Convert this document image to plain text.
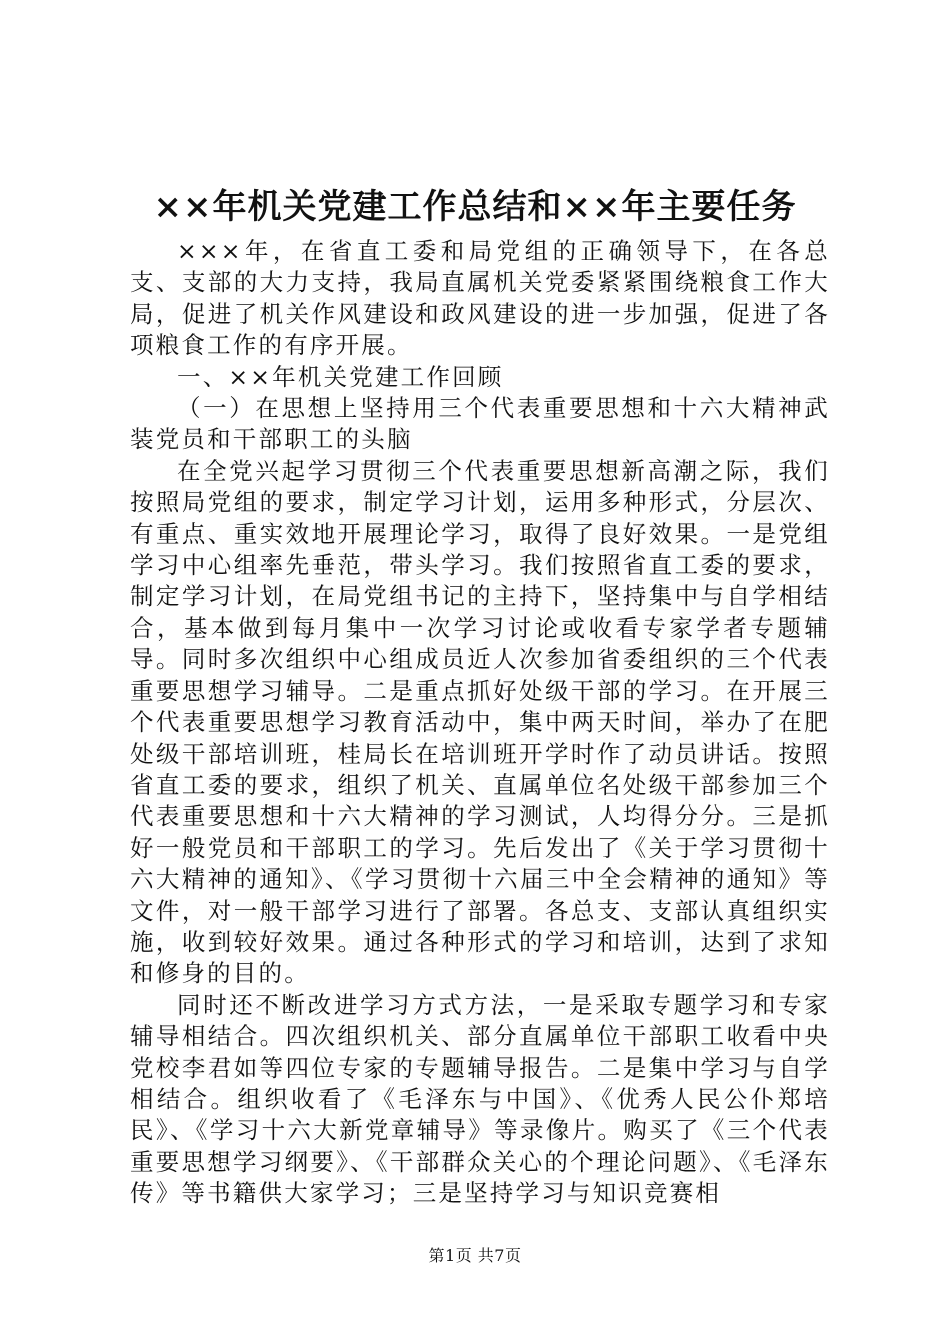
××年机关党建工作总结和××年主要任务

×××年，在省直工委和局党组的正确领导下，在各总支、支部的大力支持，我局直属机关党委紧紧围绕粮食工作大局，促进了机关作风建设和政风建设的进一步加强，促进了各项粮食工作的有序开展。

一、××年机关党建工作回顾

（一）在思想上坚持用三个代表重要思想和十六大精神武装党员和干部职工的头脑

在全党兴起学习贯彻三个代表重要思想新高潮之际，我们按照局党组的要求，制定学习计划，运用多种形式，分层次、有重点、重实效地开展理论学习，取得了良好效果。一是党组学习中心组率先垂范，带头学习。我们按照省直工委的要求，制定学习计划，在局党组书记的主持下，坚持集中与自学相结合，基本做到每月集中一次学习讨论或收看专家学者专题辅导。同时多次组织中心组成员近人次参加省委组织的三个代表重要思想学习辅导。二是重点抓好处级干部的学习。在开展三个代表重要思想学习教育活动中，集中两天时间，举办了在肥处级干部培训班，桂局长在培训班开学时作了动员讲话。按照省直工委的要求，组织了机关、直属单位名处级干部参加三个代表重要思想和十六大精神的学习测试，人均得分分。三是抓好一般党员和干部职工的学习。先后发出了《关于学习贯彻十六大精神的通知》、《学习贯彻十六届三中全会精神的通知》等文件，对一般干部学习进行了部署。各总支、支部认真组织实施，收到较好效果。通过各种形式的学习和培训，达到了求知和修身的目的。

同时还不断改进学习方式方法，一是采取专题学习和专家辅导相结合。四次组织机关、部分直属单位干部职工收看中央党校李君如等四位专家的专题辅导报告。二是集中学习与自学相结合。组织收看了《毛泽东与中国》、《优秀人民公仆郑培民》、《学习十六大新党章辅导》等录像片。购买了《三个代表重要思想学习纲要》、《干部群众关心的个理论问题》、《毛泽东传》等书籍供大家学习；三是坚持学习与知识竞赛相

第1页 共7页
